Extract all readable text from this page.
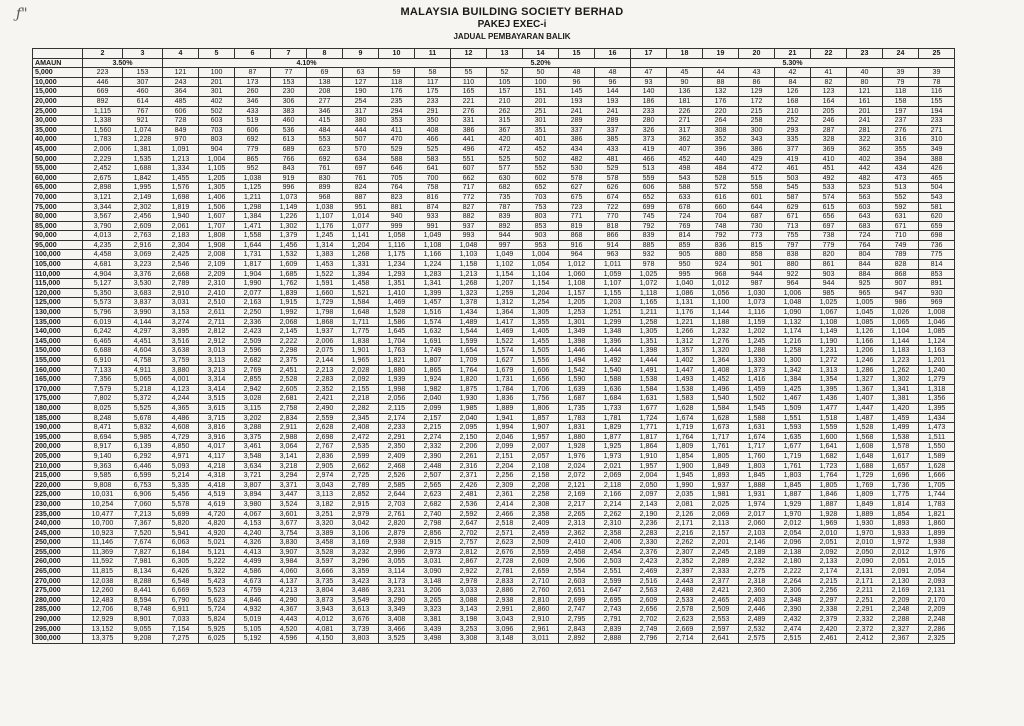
ƒ"	MALAYSIA BUILDING SOCIETY BERHAD
PAKEJ EXEC-i
JADUAL PEMBAYARAN BALIK
	2	3	4	5	6	7	8	9	10	11	12	13	14	15	16	17	18	19	20	21	22	23	24	25
AMAUN	3.50%		4.10%								5.20%					5.30%								
5,000	223	153	121	100	87	77	69	63	59	58	55	52	50	48	48	47	45	44	43	42	41	40	39	39
10,000	446	307	243	201	173	153	138	127	118	117	110	105	100	96	96	93	90	88	86	84	82	80	79	78
15,000	669	460	364	301	260	230	208	190	176	175	165	157	151	145	144	140	136	132	129	126	123	121	118	116
20,000	892	614	485	402	346	306	277	254	235	233	221	210	201	193	193	186	181	176	172	168	164	161	158	155
25,000	1,115	767	606	502	433	383	346	317	294	291	276	262	251	241	241	233	226	220	215	210	205	201	197	194
30,000	1,338	921	728	603	519	460	415	380	353	350	331	315	301	289	289	280	271	264	258	252	246	241	237	233
35,000	1,560	1,074	849	703	606	536	484	444	411	408	386	367	351	337	337	326	317	308	300	293	287	281	276	271
40,000	1,783	1,228	970	803	692	613	553	507	470	466	441	420	401	386	385	373	362	352	343	335	328	322	316	310
45,000	2,006	1,381	1,091	904	779	689	623	570	529	525	496	472	452	434	433	419	407	396	386	377	369	362	355	349
50,000	2,229	1,535	1,213	1,004	865	766	692	634	588	583	551	525	502	482	481	466	452	440	429	419	410	402	394	388
55,000	2,452	1,688	1,334	1,105	952	843	761	697	646	641	607	577	552	530	529	513	498	484	472	461	451	442	434	426
60,000	2,675	1,842	1,455	1,205	1,038	919	830	761	705	700	662	630	602	578	578	559	543	528	515	503	492	482	473	465
65,000	2,898	1,995	1,576	1,305	1,125	996	899	824	764	758	717	682	652	627	626	606	588	572	558	545	533	523	513	504
70,000	3,121	2,149	1,698	1,406	1,211	1,073	968	887	823	816	772	735	703	675	674	652	633	616	601	587	574	563	552	543
75,000	3,344	2,302	1,819	1,506	1,298	1,149	1,038	951	881	874	827	787	753	723	722	699	678	660	644	629	615	603	592	581
80,000	3,567	2,456	1,940	1,607	1,384	1,226	1,107	1,014	940	933	882	839	803	771	770	745	724	704	687	671	656	643	631	620
85,000	3,790	2,609	2,061	1,707	1,471	1,302	1,176	1,077	999	991	937	892	853	819	818	792	769	748	730	713	697	683	671	659
90,000	4,013	2,763	2,183	1,808	1,558	1,379	1,245	1,141	1,058	1,049	993	944	903	868	866	839	814	792	773	755	738	724	710	698
95,000	4,235	2,916	2,304	1,908	1,644	1,456	1,314	1,204	1,116	1,108	1,048	997	953	916	914	885	859	836	815	797	779	764	749	736
100,000	4,458	3,069	2,425	2,008	1,731	1,532	1,383	1,268	1,175	1,166	1,103	1,049	1,004	964	963	932	905	880	858	838	820	804	789	775
105,000	4,681	3,223	2,546	2,109	1,817	1,609	1,453	1,331	1,234	1,224	1,158	1,102	1,054	1,012	1,011	978	950	924	901	880	861	844	828	814
110,000	4,904	3,376	2,668	2,209	1,904	1,685	1,522	1,394	1,293	1,283	1,213	1,154	1,104	1,060	1,059	1,025	995	968	944	922	903	884	868	853
115,000	5,127	3,530	2,789	2,310	1,990	1,762	1,591	1,458	1,351	1,341	1,268	1,207	1,154	1,108	1,107	1,072	1,040	1,012	987	964	944	925	907	891
120,000	5,350	3,683	2,910	2,410	2,077	1,839	1,660	1,521	1,410	1,399	1,323	1,259	1,204	1,157	1,155	1,118	1,086	1,056	1,030	1,006	985	965	947	930
125,000	5,573	3,837	3,031	2,510	2,163	1,915	1,729	1,584	1,469	1,457	1,378	1,312	1,254	1,205	1,203	1,165	1,131	1,100	1,073	1,048	1,025	1,005	986	969
130,000	5,796	3,990	3,153	2,611	2,250	1,992	1,798	1,648	1,528	1,516	1,434	1,364	1,305	1,253	1,251	1,211	1,176	1,144	1,116	1,090	1,067	1,045	1,026	1,008
135,000	6,019	4,144	3,274	2,711	2,336	2,068	1,868	1,711	1,586	1,574	1,489	1,417	1,355	1,301	1,299	1,258	1,221	1,188	1,159	1,132	1,108	1,085	1,065	1,046
140,000	6,242	4,297	3,395	2,812	2,423	2,145	1,937	1,775	1,645	1,632	1,544	1,469	1,405	1,349	1,348	1,305	1,266	1,232	1,202	1,174	1,149	1,126	1,104	1,085
145,000	6,465	4,451	3,516	2,912	2,509	2,222	2,006	1,838	1,704	1,691	1,599	1,522	1,455	1,398	1,396	1,351	1,312	1,276	1,245	1,216	1,190	1,166	1,144	1,124
150,000	6,688	4,604	3,638	3,013	2,596	2,298	2,075	1,901	1,763	1,749	1,654	1,574	1,505	1,446	1,444	1,398	1,357	1,320	1,288	1,258	1,231	1,206	1,183	1,163
155,000	6,910	4,758	3,759	3,113	2,682	2,375	2,144	1,965	1,821	1,807	1,709	1,627	1,556	1,494	1,492	1,444	1,402	1,364	1,330	1,300	1,272	1,246	1,223	1,201
160,000	7,133	4,911	3,880	3,213	2,769	2,451	2,213	2,028	1,880	1,865	1,764	1,679	1,606	1,542	1,540	1,491	1,447	1,408	1,373	1,342	1,313	1,286	1,262	1,240
165,000	7,356	5,065	4,001	3,314	2,855	2,528	2,283	2,092	1,939	1,924	1,820	1,731	1,656	1,590	1,588	1,538	1,493	1,452	1,416	1,384	1,354	1,327	1,302	1,279
170,000	7,579	5,218	4,123	3,414	2,942	2,605	2,352	2,155	1,998	1,982	1,875	1,784	1,706	1,639	1,636	1,584	1,538	1,496	1,459	1,425	1,395	1,367	1,341	1,318
175,000	7,802	5,372	4,244	3,515	3,028	2,681	2,421	2,218	2,056	2,040	1,930	1,836	1,756	1,687	1,684	1,631	1,583	1,540	1,502	1,467	1,436	1,407	1,381	1,356
180,000	8,025	5,525	4,365	3,615	3,115	2,758	2,490	2,282	2,115	2,099	1,985	1,889	1,806	1,735	1,733	1,677	1,628	1,584	1,545	1,509	1,477	1,447	1,420	1,395
185,000	8,248	5,678	4,486	3,715	3,202	2,834	2,559	2,345	2,174	2,157	2,040	1,941	1,857	1,783	1,781	1,724	1,674	1,628	1,588	1,551	1,518	1,487	1,459	1,434
190,000	8,471	5,832	4,608	3,816	3,288	2,911	2,628	2,408	2,233	2,215	2,095	1,994	1,907	1,831	1,829	1,771	1,719	1,673	1,631	1,593	1,559	1,528	1,499	1,473
195,000	8,694	5,985	4,729	3,916	3,375	2,988	2,698	2,472	2,291	2,274	2,150	2,046	1,957	1,880	1,877	1,817	1,764	1,717	1,674	1,635	1,600	1,568	1,538	1,511
200,000	8,917	6,139	4,850	4,017	3,461	3,064	2,767	2,535	2,350	2,332	2,206	2,099	2,007	1,928	1,925	1,864	1,809	1,761	1,717	1,677	1,641	1,608	1,578	1,550
205,000	9,140	6,292	4,971	4,117	3,548	3,141	2,836	2,599	2,409	2,390	2,261	2,151	2,057	1,976	1,973	1,910	1,854	1,805	1,760	1,719	1,682	1,648	1,617	1,589
210,000	9,363	6,446	5,093	4,218	3,634	3,218	2,905	2,662	2,468	2,448	2,316	2,204	2,108	2,024	2,021	1,957	1,900	1,849	1,803	1,761	1,723	1,688	1,657	1,628
215,000	9,585	6,599	5,214	4,318	3,721	3,294	2,974	2,725	2,526	2,507	2,371	2,256	2,158	2,072	2,069	2,004	1,945	1,893	1,845	1,803	1,764	1,729	1,696	1,666
220,000	9,808	6,753	5,335	4,418	3,807	3,371	3,043	2,789	2,585	2,565	2,426	2,309	2,208	2,121	2,118	2,050	1,990	1,937	1,888	1,845	1,805	1,769	1,736	1,705
225,000	10,031	6,906	5,456	4,519	3,894	3,447	3,113	2,852	2,644	2,623	2,481	2,361	2,258	2,169	2,166	2,097	2,035	1,981	1,931	1,887	1,846	1,809	1,775	1,744
230,000	10,254	7,060	5,578	4,619	3,980	3,524	3,182	2,915	2,703	2,682	2,536	2,414	2,308	2,217	2,214	2,143	2,081	2,025	1,974	1,929	1,887	1,849	1,814	1,783
235,000	10,477	7,213	5,699	4,720	4,067	3,601	3,251	2,979	2,761	2,740	2,592	2,466	2,358	2,265	2,262	2,190	2,126	2,069	2,017	1,970	1,928	1,889	1,854	1,821
240,000	10,700	7,367	5,820	4,820	4,153	3,677	3,320	3,042	2,820	2,798	2,647	2,518	2,409	2,313	2,310	2,236	2,171	2,113	2,060	2,012	1,969	1,930	1,893	1,860
245,000	10,923	7,520	5,941	4,920	4,240	3,754	3,389	3,106	2,879	2,856	2,702	2,571	2,459	2,362	2,358	2,283	2,216	2,157	2,103	2,054	2,010	1,970	1,933	1,899
250,000	11,146	7,674	6,063	5,021	4,326	3,830	3,458	3,169	2,938	2,915	2,757	2,623	2,509	2,410	2,406	2,330	2,262	2,201	2,146	2,096	2,051	2,010	1,972	1,938
255,000	11,369	7,827	6,184	5,121	4,413	3,907	3,528	3,232	2,996	2,973	2,812	2,676	2,559	2,458	2,454	2,376	2,307	2,245	2,189	2,138	2,092	2,050	2,012	1,976
260,000	11,592	7,981	6,305	5,222	4,499	3,984	3,597	3,296	3,055	3,031	2,867	2,728	2,609	2,506	2,503	2,423	2,352	2,289	2,232	2,180	2,133	2,090	2,051	2,015
265,000	11,815	8,134	6,426	5,322	4,586	4,060	3,666	3,359	3,114	3,090	2,922	2,781	2,659	2,554	2,551	2,469	2,397	2,333	2,275	2,222	2,174	2,131	2,091	2,054
270,000	12,038	8,288	6,548	5,423	4,673	4,137	3,735	3,423	3,173	3,148	2,978	2,833	2,710	2,603	2,599	2,516	2,443	2,377	2,318	2,264	2,215	2,171	2,130	2,093
275,000	12,260	8,441	6,669	5,523	4,759	4,213	3,804	3,486	3,231	3,206	3,033	2,886	2,760	2,651	2,647	2,563	2,488	2,421	2,360	2,306	2,256	2,211	2,169	2,131
280,000	12,483	8,594	6,790	5,623	4,846	4,290	3,873	3,549	3,290	3,265	3,088	2,938	2,810	2,699	2,695	2,609	2,533	2,465	2,403	2,348	2,297	2,251	2,209	2,170
285,000	12,706	8,748	6,911	5,724	4,932	4,367	3,943	3,613	3,349	3,323	3,143	2,991	2,860	2,747	2,743	2,656	2,578	2,509	2,446	2,390	2,338	2,291	2,248	2,209
290,000	12,929	8,901	7,033	5,824	5,019	4,443	4,012	3,676	3,408	3,381	3,198	3,043	2,910	2,795	2,791	2,702	2,623	2,553	2,489	2,432	2,379	2,332	2,288	2,248
295,000	13,152	9,055	7,154	5,925	5,105	4,520	4,081	3,739	3,466	3,439	3,253	3,096	2,961	2,843	2,839	2,749	2,669	2,597	2,532	2,474	2,420	2,372	2,327	2,286
300,000	13,375	9,208	7,275	6,025	5,192	4,596	4,150	3,803	3,525	3,498	3,308	3,148	3,011	2,892	2,888	2,796	2,714	2,641	2,575	2,515	2,461	2,412	2,367	2,325
